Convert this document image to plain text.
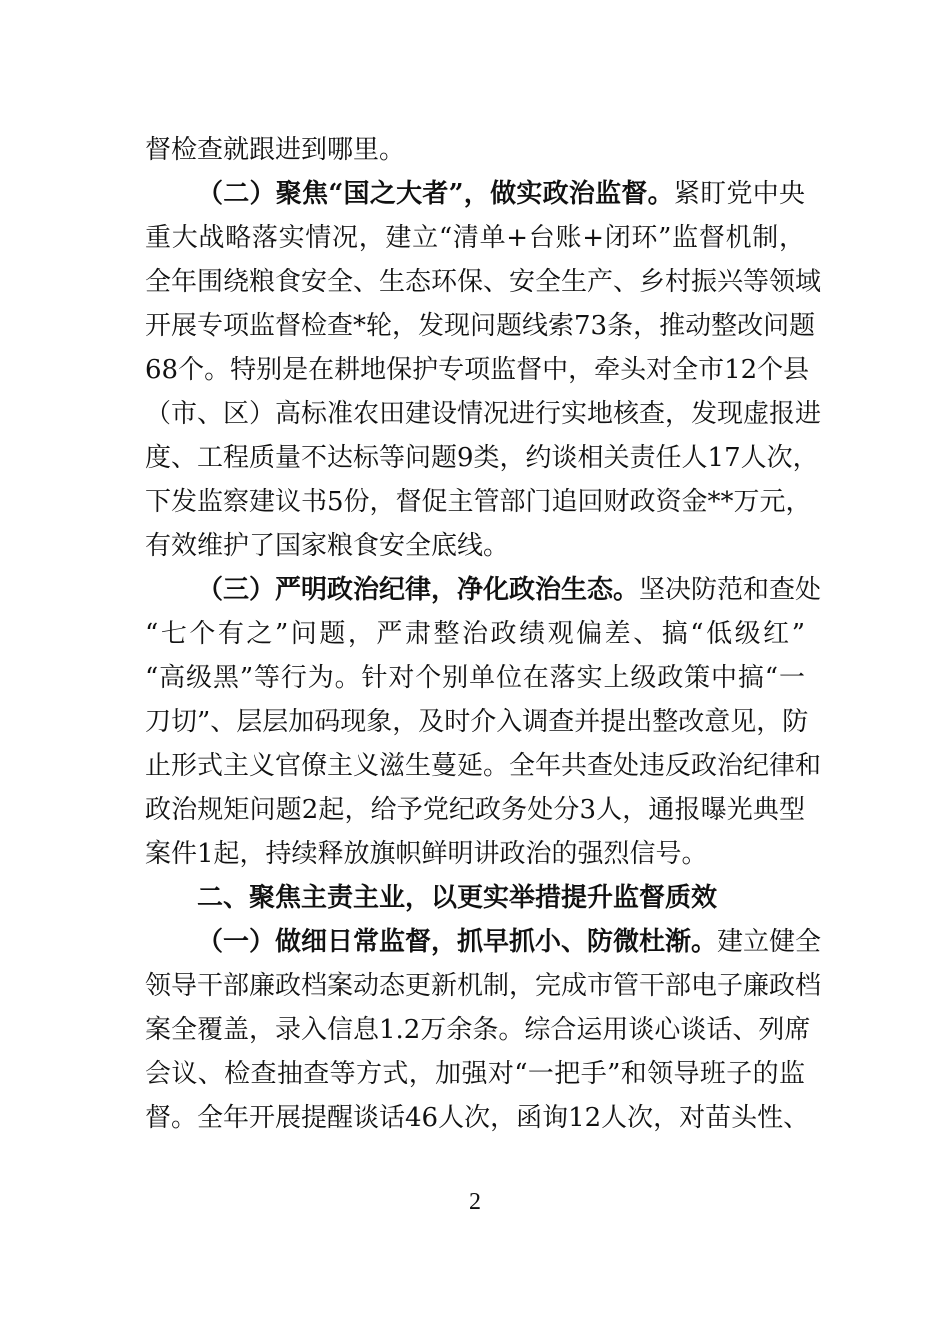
督检查就跟进到哪里。
（二）聚焦“国之大者”，做实政治监督。紧盯党中央
重大战略落实情况，建立“清单+台账+闭环”监督机制，
全年围绕粮食安全、生态环保、安全生产、乡村振兴等领域
开展专项监督检查*轮，发现问题线索73条，推动整改问题
68个。特别是在耕地保护专项监督中，牵头对全市12个县
（市、区）高标准农田建设情况进行实地核查，发现虚报进
度、工程质量不达标等问题9类，约谈相关责任人17人次，
下发监察建议书5份，督促主管部门追回财政资金**万元，
有效维护了国家粮食安全底线。
（三）严明政治纪律，净化政治生态。坚决防范和查处
“七个有之”问题，严肃整治政绩观偏差、搞“低级红”
“高级黑”等行为。针对个别单位在落实上级政策中搞“一
刀切”、层层加码现象，及时介入调查并提出整改意见，防
止形式主义官僚主义滋生蔓延。全年共查处违反政治纪律和
政治规矩问题2起，给予党纪政务处分3人，通报曝光典型
案件1起，持续释放旗帜鲜明讲政治的强烈信号。
二、聚焦主责主业，以更实举措提升监督质效
（一）做细日常监督，抓早抓小、防微杜渐。建立健全
领导干部廉政档案动态更新机制，完成市管干部电子廉政档
案全覆盖，录入信息1.2万余条。综合运用谈心谈话、列席
会议、检查抽查等方式，加强对“一把手”和领导班子的监
督。全年开展提醒谈话46人次，函询12人次，对苗头性、
2
